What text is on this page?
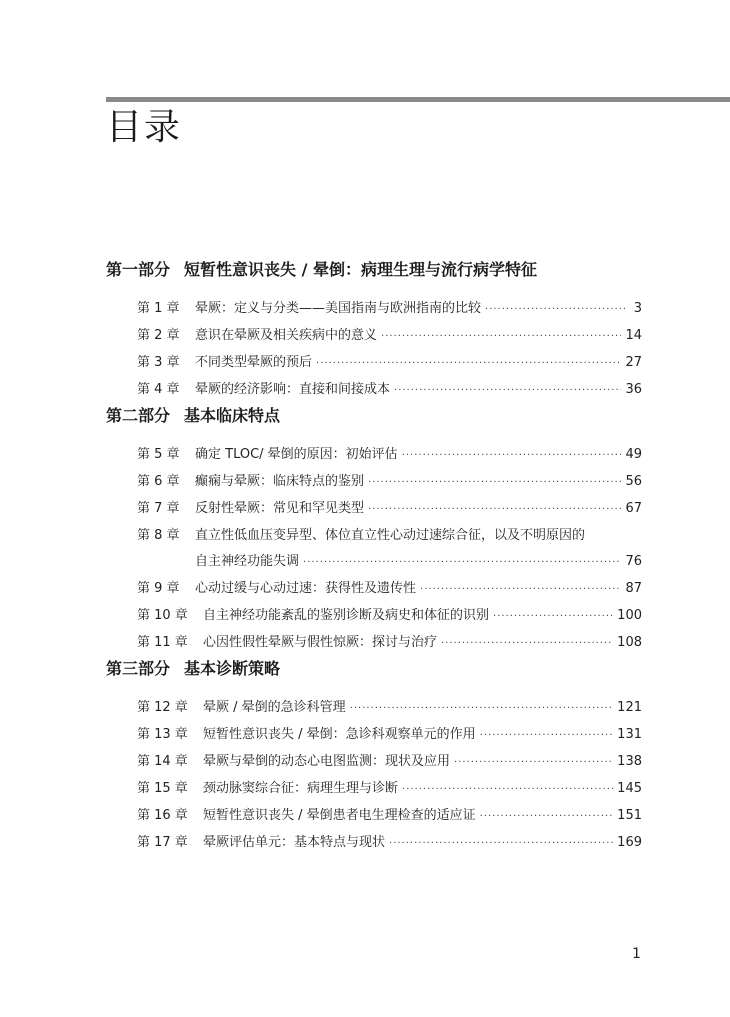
目录
第一部分 短暂性意识丧失 / 晕倒：病理生理与流行病学特征
第 1 章	晕厥：定义与分类——美国指南与欧洲指南的比较 ·····	3
第 2 章	意识在晕厥及相关疾病中的意义 ·····	14
第 3 章	不同类型晕厥的预后 ·····	27
第 4 章	晕厥的经济影响：直接和间接成本 ·····	36
第二部分 基本临床特点
第 5 章	确定 TLOC/ 晕倒的原因：初始评估 ·····	49
第 6 章	癫痫与晕厥：临床特点的鉴别 ·····	56
第 7 章	反射性晕厥：常见和罕见类型 ·····	67
第 8 章	直立性低血压变异型、体位直立性心动过速综合征，以及不明原因的
自主神经功能失调 ·····	76
第 9 章	心动过缓与心动过速：获得性及遗传性 ·····	87
第 10 章	自主神经功能紊乱的鉴别诊断及病史和体征的识别 ·····	100
第 11 章	心因性假性晕厥与假性惊厥：探讨与治疗 ·····	108
第三部分 基本诊断策略
第 12 章	晕厥 / 晕倒的急诊科管理 ·····	121
第 13 章	短暂性意识丧失 / 晕倒：急诊科观察单元的作用 ·····	131
第 14 章	晕厥与晕倒的动态心电图监测：现状及应用 ·····	138
第 15 章	颈动脉窦综合征：病理生理与诊断 ·····	145
第 16 章	短暂性意识丧失 / 晕倒患者电生理检查的适应证 ·····	151
第 17 章	晕厥评估单元：基本特点与现状 ·····	169
1
